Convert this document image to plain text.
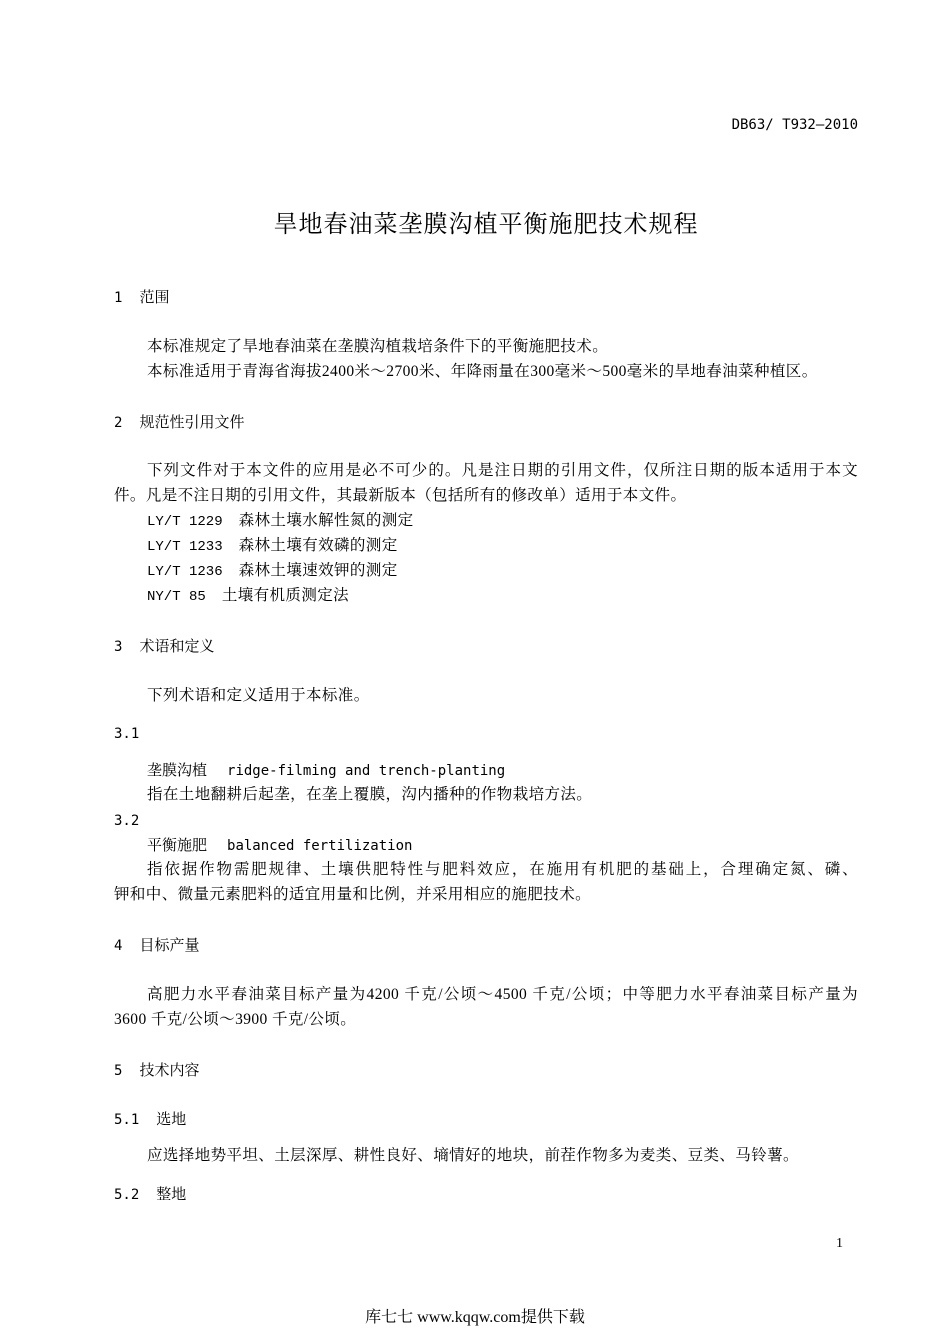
DB63/ T932—2010
旱地春油菜垄膜沟植平衡施肥技术规程
1 范围
本标准规定了旱地春油菜在垄膜沟植栽培条件下的平衡施肥技术。
本标准适用于青海省海拔2400米～2700米、年降雨量在300毫米～500毫米的旱地春油菜种植区。
2 规范性引用文件
下列文件对于本文件的应用是必不可少的。凡是注日期的引用文件，仅所注日期的版本适用于本文
件。凡是不注日期的引用文件，其最新版本（包括所有的修改单）适用于本文件。
LY/T 1229 森林土壤水解性氮的测定
LY/T 1233 森林土壤有效磷的测定
LY/T 1236 森林土壤速效钾的测定
NY/T 85 土壤有机质测定法
3 术语和定义
下列术语和定义适用于本标准。
3.1
垄膜沟植 ridge-filming and trench-planting
指在土地翻耕后起垄，在垄上覆膜，沟内播种的作物栽培方法。
3.2
平衡施肥 balanced fertilization
指依据作物需肥规律、土壤供肥特性与肥料效应，在施用有机肥的基础上，合理确定氮、磷、
钾和中、微量元素肥料的适宜用量和比例，并采用相应的施肥技术。
4 目标产量
高肥力水平春油菜目标产量为4200 千克/公顷～4500 千克/公顷；中等肥力水平春油菜目标产量为
3600 千克/公顷～3900 千克/公顷。
5 技术内容
5.1 选地
应选择地势平坦、土层深厚、耕性良好、墒情好的地块，前茬作物多为麦类、豆类、马铃薯。
5.2 整地
1
库七七 www.kqqw.com提供下载
